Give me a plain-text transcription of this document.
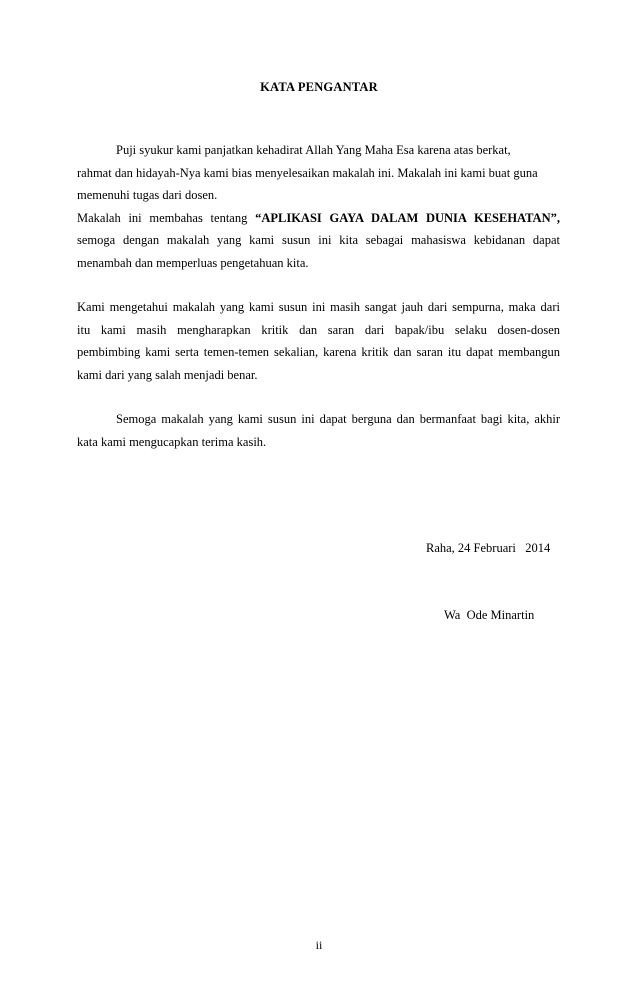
KATA PENGANTAR
Puji syukur kami panjatkan kehadirat Allah Yang Maha Esa karena atas berkat,
rahmat dan hidayah-Nya kami bias menyelesaikan makalah ini. Makalah ini kami buat guna
memenuhi tugas dari dosen.
Makalah ini membahas tentang “APLIKASI GAYA DALAM DUNIA KESEHATAN”,
semoga dengan makalah yang kami susun ini kita sebagai mahasiswa kebidanan dapat
menambah dan memperluas pengetahuan kita.
Kami mengetahui makalah yang kami susun ini masih sangat jauh dari sempurna, maka dari
itu kami masih mengharapkan kritik dan saran dari bapak/ibu selaku dosen-dosen
pembimbing kami serta temen-temen sekalian, karena kritik dan saran itu dapat membangun
kami dari yang salah menjadi benar.
Semoga makalah yang kami susun ini dapat berguna dan bermanfaat bagi kita, akhir
kata kami mengucapkan terima kasih.
Raha, 24 Februari   2014
Wa  Ode Minartin
ii
